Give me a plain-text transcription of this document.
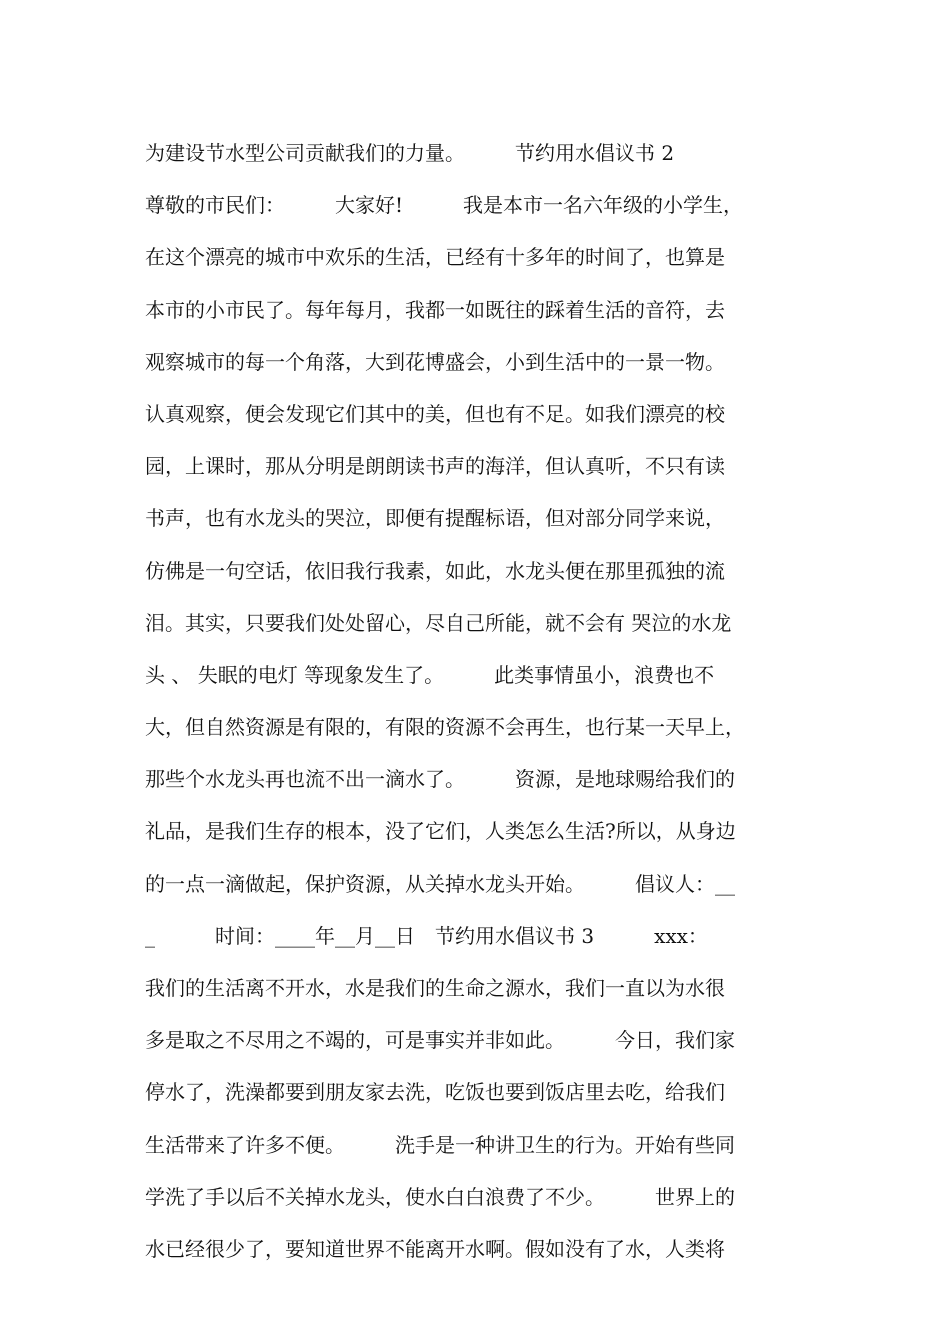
为建设节水型公司贡献我们的力量。　　　节约用水倡议书 2
尊敬的市民们：　　　大家好!　　　我是本市一名六年级的小学生，
在这个漂亮的城市中欢乐的生活，已经有十多年的时间了，也算是
本市的小市民了。每年每月，我都一如既往的踩着生活的音符，去
观察城市的每一个角落，大到花博盛会，小到生活中的一景一物。
认真观察，便会发现它们其中的美，但也有不足。如我们漂亮的校
园，上课时，那从分明是朗朗读书声的海洋，但认真听，不只有读
书声，也有水龙头的哭泣，即便有提醒标语，但对部分同学来说，
仿佛是一句空话，依旧我行我素，如此，水龙头便在那里孤独的流
泪。其实，只要我们处处留心，尽自己所能，就不会有 哭泣的水龙
头 、 失眠的电灯 等现象发生了。　　　此类事情虽小，浪费也不
大，但自然资源是有限的，有限的资源不会再生，也行某一天早上，
那些个水龙头再也流不出一滴水了。　　　资源，是地球赐给我们的
礼品，是我们生存的根本，没了它们，人类怎么生活?所以，从身边
的一点一滴做起，保护资源，从关掉水龙头开始。　　　倡议人：__
_　　　时间：____年__月__日　节约用水倡议书 3　　　xxx：
我们的生活离不开水，水是我们的生命之源水，我们一直以为水很
多是取之不尽用之不竭的，可是事实并非如此。　　　今日，我们家
停水了，洗澡都要到朋友家去洗，吃饭也要到饭店里去吃，给我们
生活带来了许多不便。　　　洗手是一种讲卫生的行为。开始有些同
学洗了手以后不关掉水龙头，使水白白浪费了不少。　　　世界上的
水已经很少了，要知道世界不能离开水啊。假如没有了水，人类将
